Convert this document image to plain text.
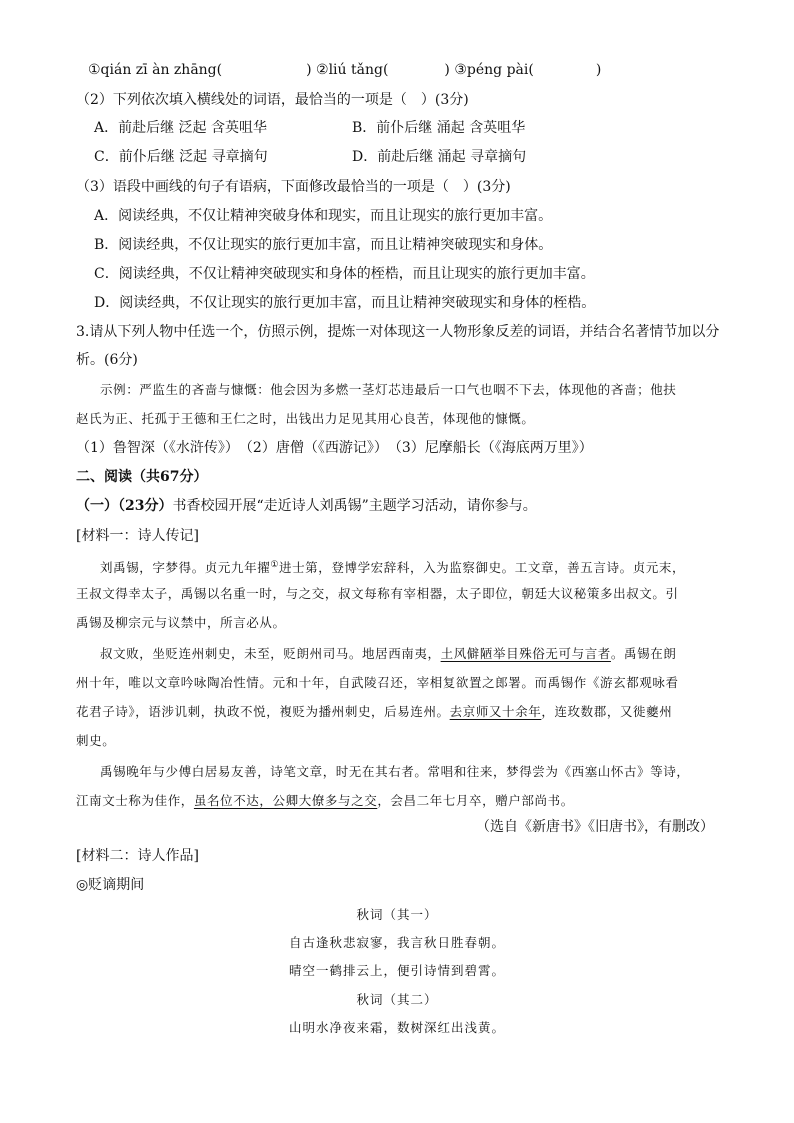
①qián zī àn zhāng(	) ②liú tǎng(	) ③péng pài(	)
（2）下列依次填入横线处的词语，最恰当的一项是（　）(3分)
A．前赴后继 泛起 含英咀华	B．前仆后继 涌起 含英咀华
C．前仆后继 泛起 寻章摘句	D．前赴后继 涌起 寻章摘句
（3）语段中画线的句子有语病，下面修改最恰当的一项是（　）(3分)
A．阅读经典，不仅让精神突破身体和现实，而且让现实的旅行更加丰富。
B．阅读经典，不仅让现实的旅行更加丰富，而且让精神突破现实和身体。
C．阅读经典，不仅让精神突破现实和身体的桎梏，而且让现实的旅行更加丰富。
D．阅读经典，不仅让现实的旅行更加丰富，而且让精神突破现实和身体的桎梏。
3.请从下列人物中任选一个，仿照示例，提炼一对体现这一人物形象反差的词语，并结合名著情节加以分
析。(6分)
示例：严监生的吝啬与慷慨：他会因为多燃一茎灯芯违最后一口气也咽不下去，体现他的吝啬；他扶
赵氏为正、托孤于王德和王仁之时，出钱出力足见其用心良苦，体现他的慷慨。
（1）鲁智深（《水浒传》）　（2）唐僧（《西游记》）　（3）尼摩船长（《海底两万里》）
二、阅读（共67分）
（一）（23分）书香校园开展“走近诗人刘禹锡”主题学习活动，请你参与。
[材料一：诗人传记]
刘禹锡，字梦得。贞元九年擢①进士第，登博学宏辞科，入为监察御史。工文章，善五言诗。贞元末，
王叔文得幸太子，禹锡以名重一时，与之交，叔文每称有宰相器，太子即位，朝廷大议秘策多出叔文。引
禹锡及柳宗元与议禁中，所言必从。
叔文败，坐贬连州刺史，未至，贬朗州司马。地居西南夷，土风僻陋举目殊俗无可与言者。禹锡在朗
州十年，唯以文章吟咏陶冶性情。元和十年，自武陵召还，宰相复欲置之郎署。而禹锡作《游玄都观咏看
花君子诗》，语涉讥刺，执政不悦，複贬为播州刺史，后易连州。去京师又十余年，连玫数郡，又徙夔州
刺史。
禹锡晚年与少傅白居易友善，诗笔文章，时无在其右者。常唱和往来，梦得尝为《西塞山怀古》等诗，
江南文士称为佳作，虽名位不达，公卿大僚多与之交，会昌二年七月卒，赠户部尚书。
（选自《新唐书》《旧唐书》，有删改）
[材料二：诗人作品]
◎贬谪期间
秋词（其一）
自古逢秋悲寂寥，我言秋日胜春朝。
晴空一鹤排云上，便引诗情到碧霄。
秋词（其二）
山明水净夜来霜，数树深红出浅黄。
